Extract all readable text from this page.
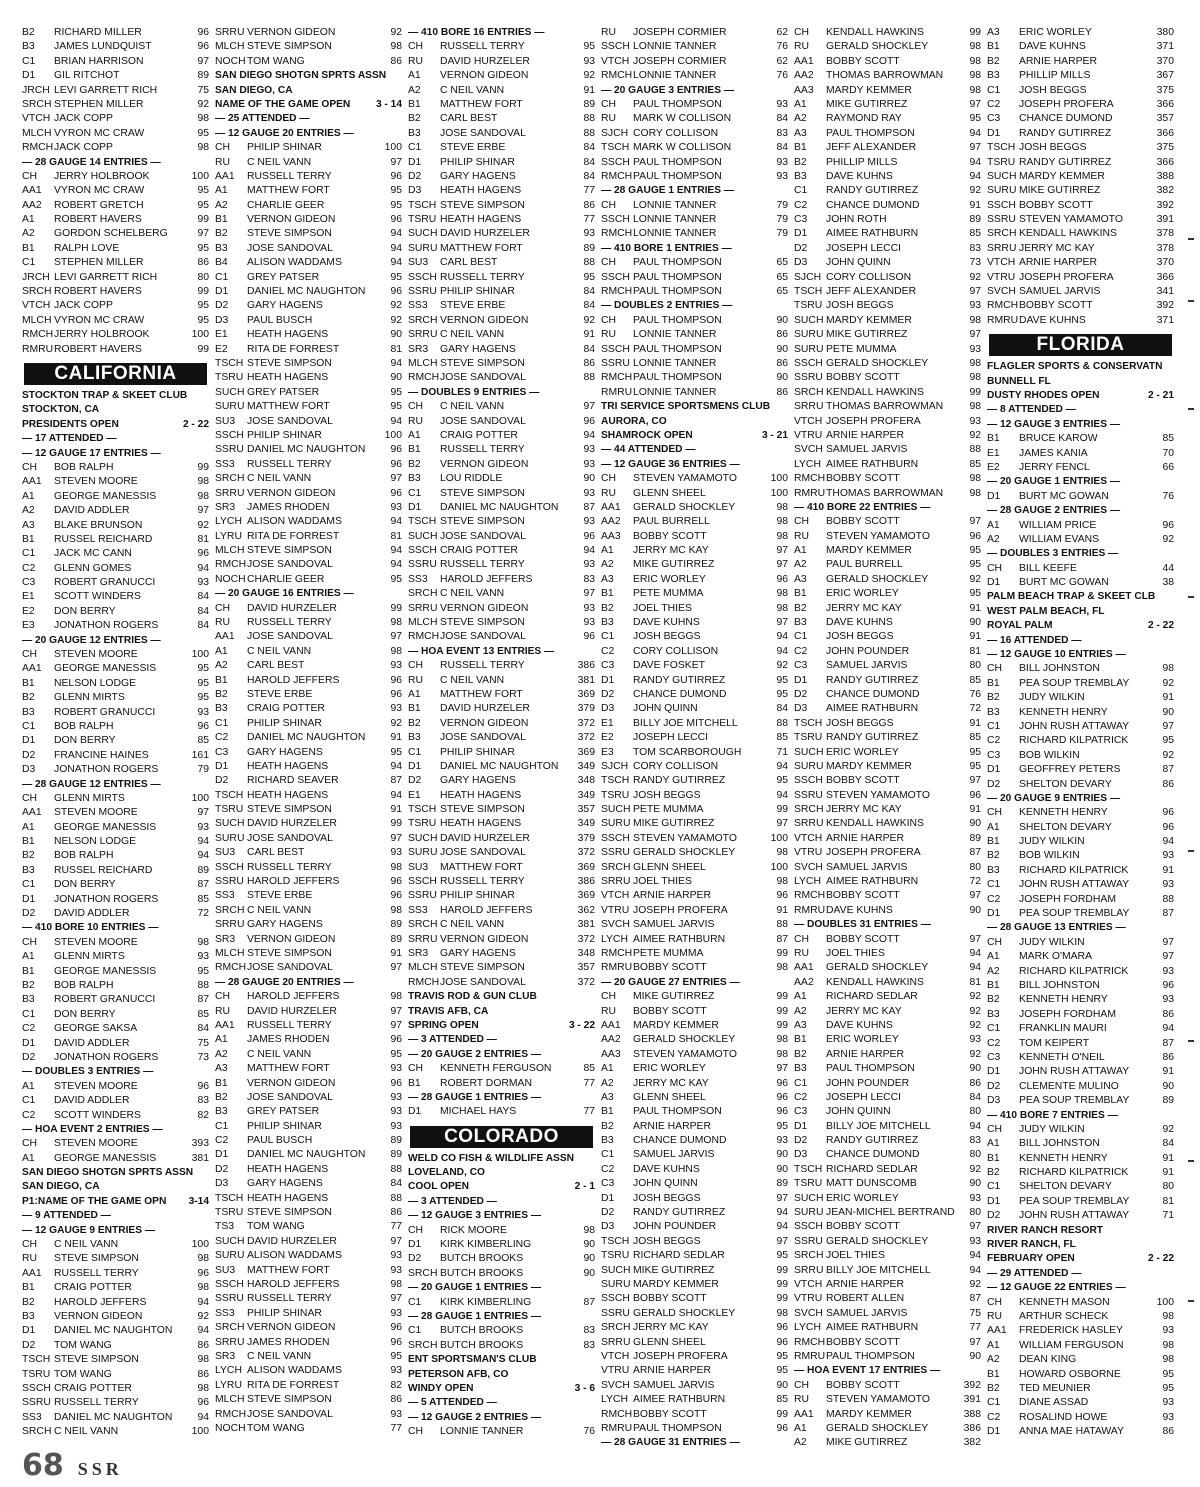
B2	RICHARD MILLER	96
B3	JAMES LUNDQUIST	96
C1	BRIAN HARRISON	97
D1	GIL RITCHOT	89
JRCH LEVI GARRETT RICH	75
SRCH STEPHEN MILLER	92
VTCH JACK COPP	98
MLCH VYRON MC CRAW	95
RMCH JACK COPP	98
— 28 GAUGE 14 ENTRIES —
CH	JERRY HOLBROOK	100
AA1	VYRON MC CRAW	95
AA2	ROBERT GRETCH	95
A1	ROBERT HAVERS	99
A2	GORDON SCHELBERG	97
B1	RALPH LOVE	95
C1	STEPHEN MILLER	86
JRCH LEVI GARRETT RICH	80
SRCH ROBERT HAVERS	99
VTCH JACK COPP	95
MLCH VYRON MC CRAW	95
RMCH JERRY HOLBROOK	100
RMRU ROBERT HAVERS	99
CALIFORNIA
STOCKTON TRAP & SKEET CLUB
STOCKTON, CA
PRESIDENTS OPEN	2 - 22
— 17 ATTENDED —
— 12 GAUGE 17 ENTRIES —
CH	BOB RALPH	99
AA1	STEVEN MOORE	98
A1	GEORGE MANESSIS	98
A2	DAVID ADDLER	97
A3	BLAKE BRUNSON	92
B1	RUSSEL REICHARD	81
C1	JACK MC CANN	96
C2	GLENN GOMES	94
C3	ROBERT GRANUCCI	93
E1	SCOTT WINDERS	84
E2	DON BERRY	84
E3	JONATHON ROGERS	84
— 20 GAUGE 12 ENTRIES —
CH	STEVEN MOORE	100
AA1	GEORGE MANESSIS	95
B1	NELSON LODGE	95
B2	GLENN MIRTS	95
B3	ROBERT GRANUCCI	93
C1	BOB RALPH	96
D1	DON BERRY	85
D2	FRANCINE HAINES	161
D3	JONATHON ROGERS	79
— 28 GAUGE 12 ENTRIES —
CH	GLENN MIRTS	100
AA1	STEVEN MOORE	97
A1	GEORGE MANESSIS	93
B1	NELSON LODGE	94
B2	BOB RALPH	94
B3	RUSSEL REICHARD	89
C1	DON BERRY	87
D1	JONATHON ROGERS	85
D2	DAVID ADDLER	72
— 410 BORE 10 ENTRIES —
CH	STEVEN MOORE	98
A1	GLENN MIRTS	93
B1	GEORGE MANESSIS	95
B2	BOB RALPH	88
B3	ROBERT GRANUCCI	87
C1	DON BERRY	85
C2	GEORGE SAKSA	84
D1	DAVID ADDLER	75
D2	JONATHON ROGERS	73
— DOUBLES 3 ENTRIES —
A1	STEVEN MOORE	96
C1	DAVID ADDLER	83
C2	SCOTT WINDERS	82
— HOA EVENT 2 ENTRIES —
CH	STEVEN MOORE	393
A1	GEORGE MANESSIS	381
SAN DIEGO SHOTGN SPRTS ASSN
SAN DIEGO, CA
P1:NAME OF THE GAME OPN	3-14
— 9 ATTENDED —
— 12 GAUGE 9 ENTRIES —
CH	C NEIL VANN	100
RU	STEVE SIMPSON	98
AA1	RUSSELL TERRY	96
B1	CRAIG POTTER	98
B2	HAROLD JEFFERS	94
B3	VERNON GIDEON	92
D1	DANIEL MC NAUGHTON	94
D2	TOM WANG	86
TSCH STEVE SIMPSON	98
TSRU TOM WANG	86
SSCH CRAIG POTTER	98
SSRU RUSSELL TERRY	96
SS3	DANIEL MC NAUGHTON	94
SRCH C NEIL VANN	100
SRRU VERNON GIDEON	92
MLCH STEVE SIMPSON	98
NOCH TOM WANG	86
SAN DIEGO SHOTGN SPRTS ASSN
SAN DIEGO, CA
NAME OF THE GAME OPEN	3 - 14
— 25 ATTENDED —
— 12 GAUGE 20 ENTRIES —
CH	PHILIP SHINAR	100
RU	C NEIL VANN	97
AA1	RUSSELL TERRY	96
A1	MATTHEW FORT	95
A2	CHARLIE GEER	95
B1	VERNON GIDEON	96
B2	STEVE SIMPSON	94
B3	JOSE SANDOVAL	94
B4	ALISON WADDAMS	94
C1	GREY PATSER	95
D1	DANIEL MC NAUGHTON	96
D2	GARY HAGENS	92
D3	PAUL BUSCH	92
E1	HEATH HAGENS	90
E2	RITA DE FORREST	81
TSCH STEVE SIMPSON	94
TSRU HEATH HAGENS	90
SUCH GREY PATSER	95
SURU MATTHEW FORT	95
SU3	JOSE SANDOVAL	94
SSCH PHILIP SHINAR	100
SSRU DANIEL MC NAUGHTON	96
SS3	RUSSELL TERRY	96
SRCH C NEIL VANN	97
SRRU VERNON GIDEON	96
SR3	JAMES RHODEN	93
LYCH ALISON WADDAMS	94
LYRU RITA DE FORREST	81
MLCH STEVE SIMPSON	94
RMCH JOSE SANDOVAL	94
NOCH CHARLIE GEER	95
— 20 GAUGE 16 ENTRIES —
CH	DAVID HURZELER	99
RU	RUSSELL TERRY	98
AA1	JOSE SANDOVAL	97
A1	C NEIL VANN	98
A2	CARL BEST	93
B1	HAROLD JEFFERS	96
B2	STEVE ERBE	96
B3	CRAIG POTTER	93
C1	PHILIP SHINAR	92
C2	DANIEL MC NAUGHTON	91
C3	GARY HAGENS	95
D1	HEATH HAGENS	94
D2	RICHARD SEAVER	87
TSCH HEATH HAGENS	94
TSRU STEVE SIMPSON	91
SUCH DAVID HURZELER	99
SURU JOSE SANDOVAL	97
SU3	CARL BEST	93
SSCH RUSSELL TERRY	98
SSRU HAROLD JEFFERS	96
SS3	STEVE ERBE	96
SRCH C NEIL VANN	98
SRRU GARY HAGENS	89
SR3	VERNON GIDEON	89
MLCH STEVE SIMPSON	91
RMCH JOSE SANDOVAL	97
— 28 GAUGE 20 ENTRIES —
CH	HAROLD JEFFERS	98
RU	DAVID HURZELER	97
AA1	RUSSELL TERRY	97
A1	JAMES RHODEN	96
A2	C NEIL VANN	95
A3	MATTHEW FORT	93
B1	VERNON GIDEON	96
B2	JOSE SANDOVAL	93
B3	GREY PATSER	93
C1	PHILIP SHINAR	93
C2	PAUL BUSCH	89
D1	DANIEL MC NAUGHTON	89
D2	HEATH HAGENS	88
D3	GARY HAGENS	84
TSCH HEATH HAGENS	88
TSRU STEVE SIMPSON	86
TS3	TOM WANG	77
SUCH DAVID HURZELER	97
SURU ALISON WADDAMS	93
SU3	MATTHEW FORT	93
SSCH HAROLD JEFFERS	98
SSRU RUSSELL TERRY	97
SS3	PHILIP SHINAR	93
SRCH VERNON GIDEON	96
SRRU JAMES RHODEN	96
SR3	C NEIL VANN	95
LYCH ALISON WADDAMS	93
LYRU RITA DE FORREST	82
MLCH STEVE SIMPSON	86
RMCH JOSE SANDOVAL	93
NOCH TOM WANG	77
— 410 BORE 16 ENTRIES —
CH	RUSSELL TERRY	95
RU	DAVID HURZELER	93
A1	VERNON GIDEON	92
A2	C NEIL VANN	91
B1	MATTHEW FORT	89
B2	CARL BEST	88
B3	JOSE SANDOVAL	88
C1	STEVE ERBE	84
D1	PHILIP SHINAR	84
D2	GARY HAGENS	84
D3	HEATH HAGENS	77
TSCH STEVE SIMPSON	86
TSRU HEATH HAGENS	77
SUCH DAVID HURZELER	93
SURU MATTHEW FORT	89
SU3	CARL BEST	88
SSCH RUSSELL TERRY	95
SSRU PHILIP SHINAR	84
SS3	STEVE ERBE	84
SRCH VERNON GIDEON	92
SRRU C NEIL VANN	91
SR3	GARY HAGENS	84
MLCH STEVE SIMPSON	86
RMCH JOSE SANDOVAL	88
— DOUBLES 9 ENTRIES —
CH	C NEIL VANN	97
RU	JOSE SANDOVAL	96
A1	CRAIG POTTER	94
B1	RUSSELL TERRY	93
B2	VERNON GIDEON	93
B3	LOU RIDDLE	90
C1	STEVE SIMPSON	93
D1	DANIEL MC NAUGHTON	87
TSCH STEVE SIMPSON	93
SUCH JOSE SANDOVAL	96
SSCH CRAIG POTTER	94
SSRU RUSSELL TERRY	93
SS3	HAROLD JEFFERS	83
SRCH C NEIL VANN	97
SRRU VERNON GIDEON	93
MLCH STEVE SIMPSON	93
RMCH JOSE SANDOVAL	96
— HOA EVENT 13 ENTRIES —
CH	RUSSELL TERRY	386
RU	C NEIL VANN	381
A1	MATTHEW FORT	369
B1	DAVID HURZELER	379
B2	VERNON GIDEON	372
B3	JOSE SANDOVAL	372
C1	PHILIP SHINAR	369
D1	DANIEL MC NAUGHTON	349
D2	GARY HAGENS	348
E1	HEATH HAGENS	349
TSCH STEVE SIMPSON	357
TSRU HEATH HAGENS	349
SUCH DAVID HURZELER	379
SURU JOSE SANDOVAL	372
SU3	MATTHEW FORT	369
SSCH RUSSELL TERRY	386
SSRU PHILIP SHINAR	369
SS3	HAROLD JEFFERS	362
SRCH C NEIL VANN	381
SRRU VERNON GIDEON	372
SR3	GARY HAGENS	348
MLCH STEVE SIMPSON	357
RMCH JOSE SANDOVAL	372
TRAVIS ROD & GUN CLUB
TRAVIS AFB, CA
SPRING OPEN	3 - 22
— 3 ATTENDED —
— 20 GAUGE 2 ENTRIES —
CH	KENNETH FERGUSON	85
B1	ROBERT DORMAN	77
— 28 GAUGE 1 ENTRIES —
D1	MICHAEL HAYS	77
COLORADO
WELD CO FISH & WILDLIFE ASSN
LOVELAND, CO
COOL OPEN	2 - 1
— 3 ATTENDED —
— 12 GAUGE 3 ENTRIES —
CH	RICK MOORE	98
D1	KIRK KIMBERLING	90
D2	BUTCH BROOKS	90
SRCH BUTCH BROOKS	90
— 20 GAUGE 1 ENTRIES —
C1	KIRK KIMBERLING	87
— 28 GAUGE 1 ENTRIES —
C1	BUTCH BROOKS	83
SRCH BUTCH BROOKS	83
ENT SPORTSMAN'S CLUB
PETERSON AFB, CO
WINDY OPEN	3 - 6
— 5 ATTENDED —
— 12 GAUGE 2 ENTRIES —
CH	LONNIE TANNER	76
RU	JOSEPH CORMIER	62
SSCH LONNIE TANNER	76
VTCH JOSEPH CORMIER	62
RMCH LONNIE TANNER	76
— 20 GAUGE 3 ENTRIES —
CH	PAUL THOMPSON	93
RU	MARK W COLLISON	84
SJCH CORY COLLISON	83
TSCH MARK W COLLISON	84
SSCH PAUL THOMPSON	93
RMCH PAUL THOMPSON	93
— 28 GAUGE 1 ENTRIES —
CH	LONNIE TANNER	79
SSCH LONNIE TANNER	79
RMCH LONNIE TANNER	79
— 410 BORE 1 ENTRIES —
CH	PAUL THOMPSON	65
SSCH PAUL THOMPSON	65
RMCH PAUL THOMPSON	65
— DOUBLES 2 ENTRIES —
CH	PAUL THOMPSON	90
RU	LONNIE TANNER	86
SSCH PAUL THOMPSON	90
SSRU LONNIE TANNER	86
RMCH PAUL THOMPSON	90
RMRU LONNIE TANNER	86
TRI SERVICE SPORTSMENS CLUB
AURORA, CO
SHAMROCK OPEN	3 - 21
— 44 ATTENDED —
— 12 GAUGE 36 ENTRIES —
CH	STEVEN YAMAMOTO	100
RU	GLENN SHEEL	100
AA1	GERALD SHOCKLEY	98
AA2	PAUL BURRELL	98
AA3	BOBBY SCOTT	98
A1	JERRY MC KAY	97
A2	MIKE GUTIRREZ	97
A3	ERIC WORLEY	96
B1	PETE MUMMA	98
B2	JOEL THIES	98
B3	DAVE KUHNS	97
C1	JOSH BEGGS	94
C2	CORY COLLISON	94
C3	DAVE FOSKET	92
D1	RANDY GUTIRREZ	95
D2	CHANCE DUMOND	95
D3	JOHN QUINN	84
E1	BILLY JOE MITCHELL	88
E2	JOSEPH LECCI	85
E3	TOM SCARBOROUGH	71
SJCH CORY COLLISON	94
TSCH RANDY GUTIRREZ	95
TSRU JOSH BEGGS	94
SUCH PETE MUMMA	99
SURU MIKE GUTIRREZ	97
SSCH STEVEN YAMAMOTO	100
SSRU GERALD SHOCKLEY	98
SRCH GLENN SHEEL	100
SRRU JOEL THIES	98
VTCH ARNIE HARPER	96
VTRU JOSEPH PROFERA	91
SVCH SAMUEL JARVIS	88
LYCH AIMEE RATHBURN	87
RMCH PETE MUMMA	99
RMRU BOBBY SCOTT	98
— 20 GAUGE 27 ENTRIES —
CH	MIKE GUTIRREZ	99
RU	BOBBY SCOTT	99
AA1	MARDY KEMMER	99
AA2	GERALD SHOCKLEY	98
AA3	STEVEN YAMAMOTO	98
A1	ERIC WORLEY	97
A2	JERRY MC KAY	96
A3	GLENN SHEEL	96
B1	PAUL THOMPSON	96
B2	ARNIE HARPER	95
B3	CHANCE DUMOND	93
C1	SAMUEL JARVIS	90
C2	DAVE KUHNS	90
C3	JOHN QUINN	89
D1	JOSH BEGGS	97
D2	RANDY GUTIRREZ	94
D3	JOHN POUNDER	94
TSCH JOSH BEGGS	97
TSRU RICHARD SEDLAR	95
SUCH MIKE GUTIRREZ	99
SURU MARDY KEMMER	99
SSCH BOBBY SCOTT	99
SSRU GERALD SHOCKLEY	98
SRCH JERRY MC KAY	96
SRRU GLENN SHEEL	96
VTCH JOSEPH PROFERA	95
VTRU ARNIE HARPER	95
SVCH SAMUEL JARVIS	90
LYCH AIMEE RATHBURN	85
RMCH BOBBY SCOTT	99
RMRU PAUL THOMPSON	96
— 28 GAUGE 31 ENTRIES —
CH	KENDALL HAWKINS	99
RU	GERALD SHOCKLEY	98
AA1	BOBBY SCOTT	98
AA2	THOMAS BARROWMAN	98
AA3	MARDY KEMMER	98
A1	MIKE GUTIRREZ	97
A2	RAYMOND RAY	95
A3	PAUL THOMPSON	94
B1	JEFF ALEXANDER	97
B2	PHILLIP MILLS	94
B3	DAVE KUHNS	94
C1	RANDY GUTIRREZ	92
C2	CHANCE DUMOND	91
C3	JOHN ROTH	89
D1	AIMEE RATHBURN	85
D2	JOSEPH LECCI	83
D3	JOHN QUINN	73
SJCH CORY COLLISON	92
TSCH JEFF ALEXANDER	97
TSRU JOSH BEGGS	93
SUCH MARDY KEMMER	98
SURU MIKE GUTIRREZ	97
SURU PETE MUMMA	93
SSCH GERALD SHOCKLEY	98
SSRU BOBBY SCOTT	98
SRCH KENDALL HAWKINS	99
SRRU THOMAS BARROWMAN	98
VTCH JOSEPH PROFERA	93
VTRU ARNIE HARPER	92
SVCH SAMUEL JARVIS	88
LYCH AIMEE RATHBURN	85
RMCH BOBBY SCOTT	98
RMRU THOMAS BARROWMAN	98
— 410 BORE 22 ENTRIES —
CH	BOBBY SCOTT	97
RU	STEVEN YAMAMOTO	96
A1	MARDY KEMMER	95
A2	PAUL BURRELL	95
A3	GERALD SHOCKLEY	92
B1	ERIC WORLEY	95
B2	JERRY MC KAY	91
B3	DAVE KUHNS	90
C1	JOSH BEGGS	91
C2	JOHN POUNDER	81
C3	SAMUEL JARVIS	80
D1	RANDY GUTIRREZ	85
D2	CHANCE DUMOND	76
D3	AIMEE RATHBURN	72
TSCH JOSH BEGGS	91
TSRU RANDY GUTIRREZ	85
SUCH ERIC WORLEY	95
SURU MARDY KEMMER	95
SSCH BOBBY SCOTT	97
SSRU STEVEN YAMAMOTO	96
SRCH JERRY MC KAY	91
SRRU KENDALL HAWKINS	90
VTCH ARNIE HARPER	89
VTRU JOSEPH PROFERA	87
SVCH SAMUEL JARVIS	80
LYCH AIMEE RATHBURN	72
RMCH BOBBY SCOTT	97
RMRU DAVE KUHNS	90
— DOUBLES 31 ENTRIES —
CH	BOBBY SCOTT	97
RU	JOEL THIES	94
AA1	GERALD SHOCKLEY	94
AA2	KENDALL HAWKINS	81
A1	RICHARD SEDLAR	92
A2	JERRY MC KAY	92
A3	DAVE KUHNS	92
B1	ERIC WORLEY	93
B2	ARNIE HARPER	92
B3	PAUL THOMPSON	90
C1	JOHN POUNDER	86
C2	JOSEPH LECCI	84
C3	JOHN QUINN	80
D1	BILLY JOE MITCHELL	94
D2	RANDY GUTIRREZ	83
D3	CHANCE DUMOND	80
TSCH RICHARD SEDLAR	92
TSRU MATT DUNSCOMB	90
SUCH ERIC WORLEY	93
SURU JEAN-MICHEL BERTRAND	80
SSCH BOBBY SCOTT	97
SSRU GERALD SHOCKLEY	93
SRCH JOEL THIES	94
SRRU BILLY JOE MITCHELL	94
VTCH ARNIE HARPER	92
VTRU ROBERT ALLEN	87
SVCH SAMUEL JARVIS	75
LYCH AIMEE RATHBURN	77
RMCH BOBBY SCOTT	97
RMRU PAUL THOMPSON	90
— HOA EVENT 17 ENTRIES —
CH	BOBBY SCOTT	392
RU	STEVEN YAMAMOTO	391
AA1	MARDY KEMMER	388
A1	GERALD SHOCKLEY	386
A2	MIKE GUTIRREZ	382
A3	ERIC WORLEY	380
B1	DAVE KUHNS	371
B2	ARNIE HARPER	370
B3	PHILLIP MILLS	367
C1	JOSH BEGGS	375
C2	JOSEPH PROFERA	366
C3	CHANCE DUMOND	357
D1	RANDY GUTIRREZ	366
TSCH JOSH BEGGS	375
TSRU RANDY GUTIRREZ	366
SUCH MARDY KEMMER	388
SURU MIKE GUTIRREZ	382
SSCH BOBBY SCOTT	392
SSRU STEVEN YAMAMOTO	391
SRCH KENDALL HAWKINS	378
SRRU JERRY MC KAY	378
VTCH ARNIE HARPER	370
VTRU JOSEPH PROFERA	366
SVCH SAMUEL JARVIS	341
RMCH BOBBY SCOTT	392
RMRU DAVE KUHNS	371
FLORIDA
FLAGLER SPORTS & CONSERVATN
BUNNELL FL
DUSTY RHODES OPEN	2 - 21
— 8 ATTENDED —
— 12 GAUGE 3 ENTRIES —
B1	BRUCE KAROW	85
E1	JAMES KANIA	70
E2	JERRY FENCL	66
— 20 GAUGE 1 ENTRIES —
D1	BURT MC GOWAN	76
— 28 GAUGE 2 ENTRIES —
A1	WILLIAM PRICE	96
A2	WILLIAM EVANS	92
— DOUBLES 3 ENTRIES —
CH	BILL KEEFE	44
D1	BURT MC GOWAN	38
PALM BEACH TRAP & SKEET CLB
WEST PALM BEACH, FL
ROYAL PALM	2 - 22
— 16 ATTENDED —
— 12 GAUGE 10 ENTRIES —
CH	BILL JOHNSTON	98
B1	PEA SOUP TREMBLAY	92
B2	JUDY WILKIN	91
B3	KENNETH HENRY	90
C1	JOHN RUSH ATTAWAY	97
C2	RICHARD KILPATRICK	95
C3	BOB WILKIN	92
D1	GEOFFREY PETERS	87
D2	SHELTON DEVARY	86
— 20 GAUGE 9 ENTRIES —
CH	KENNETH HENRY	96
A1	SHELTON DEVARY	96
B1	JUDY WILKIN	94
B2	BOB WILKIN	93
B3	RICHARD KILPATRICK	91
C1	JOHN RUSH ATTAWAY	93
C2	JOSEPH FORDHAM	88
D1	PEA SOUP TREMBLAY	87
— 28 GAUGE 13 ENTRIES —
CH	JUDY WILKIN	97
A1	MARK O'MARA	97
A2	RICHARD KILPATRICK	93
B1	BILL JOHNSTON	96
B2	KENNETH HENRY	93
B3	JOSEPH FORDHAM	86
C1	FRANKLIN MAURI	94
C2	TOM KEIPERT	87
C3	KENNETH O'NEIL	86
D1	JOHN RUSH ATTAWAY	91
D2	CLEMENTE MULINO	90
D3	PEA SOUP TREMBLAY	89
— 410 BORE 7 ENTRIES —
CH	JUDY WILKIN	92
A1	BILL JOHNSTON	84
B1	KENNETH HENRY	91
B2	RICHARD KILPATRICK	91
C1	SHELTON DEVARY	80
D1	PEA SOUP TREMBLAY	81
D2	JOHN RUSH ATTAWAY	71
RIVER RANCH RESORT
RIVER RANCH, FL
FEBRUARY OPEN	2 - 22
— 29 ATTENDED —
— 12 GAUGE 22 ENTRIES —
CH	KENNETH MASON	100
RU	ARTHUR SCHECK	98
AA1	FREDERICK HASLEY	93
A1	WILLIAM FERGUSON	98
A2	DEAN KING	98
B1	HOWARD OSBORNE	95
B2	TED MEUNIER	95
C1	DIANE ASSAD	93
C2	ROSALIND HOWE	93
D1	ANNA MAE HATAWAY	86
68 SSR
